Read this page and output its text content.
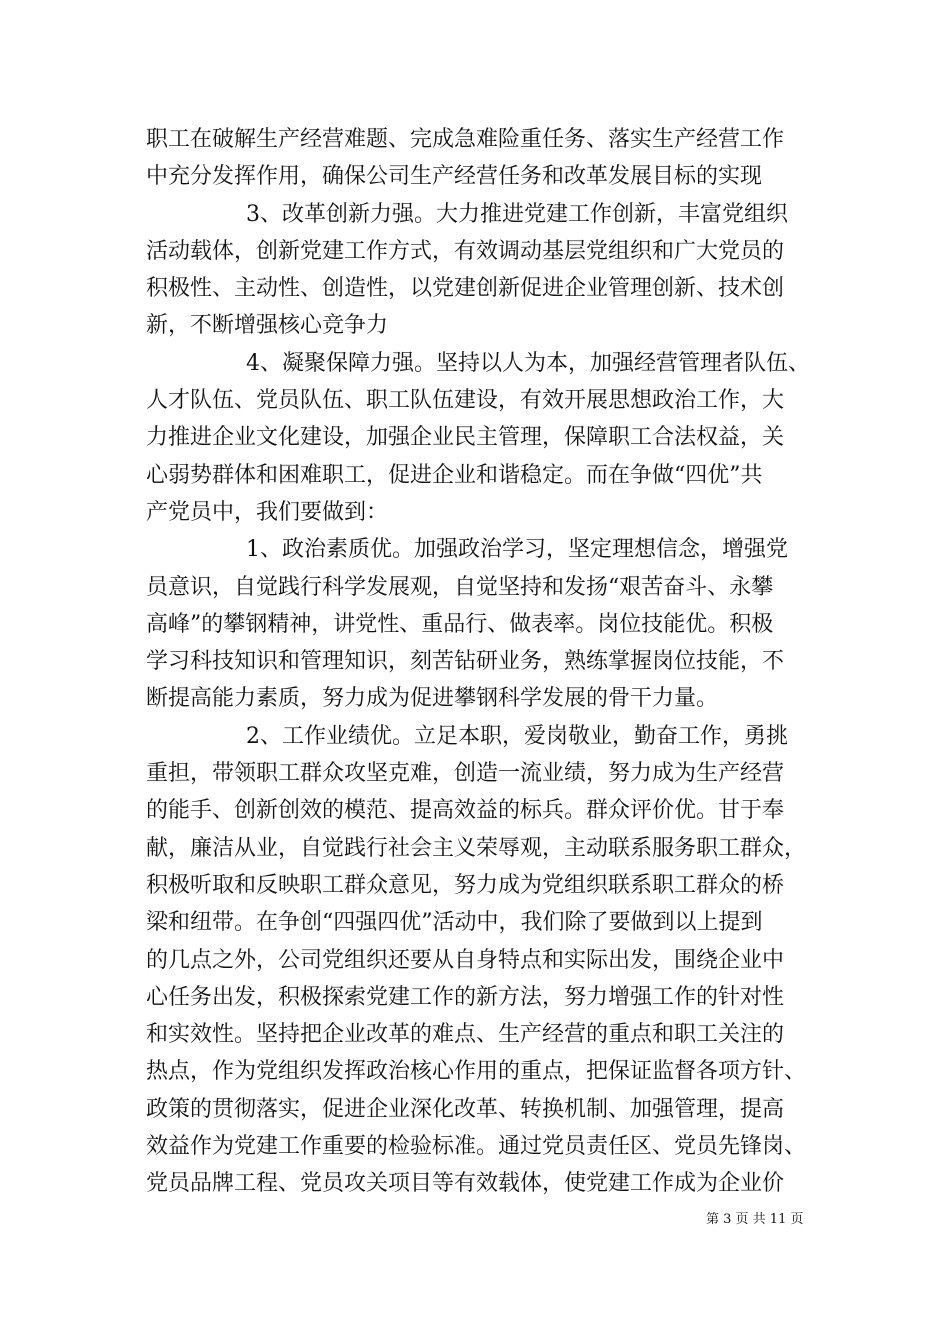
职工在破解生产经营难题、完成急难险重任务、落实生产经营工作
中充分发挥作用，确保公司生产经营任务和改革发展目标的实现
3、改革创新力强。大力推进党建工作创新，丰富党组织
活动载体，创新党建工作方式，有效调动基层党组织和广大党员的
积极性、主动性、创造性，以党建创新促进企业管理创新、技术创
新，不断增强核心竞争力
4、凝聚保障力强。坚持以人为本，加强经营管理者队伍、
人才队伍、党员队伍、职工队伍建设，有效开展思想政治工作，大
力推进企业文化建设，加强企业民主管理，保障职工合法权益，关
心弱势群体和困难职工，促进企业和谐稳定。而在争做“四优”共
产党员中，我们要做到：
1、政治素质优。加强政治学习，坚定理想信念，增强党
员意识，自觉践行科学发展观，自觉坚持和发扬“艰苦奋斗、永攀
高峰”的攀钢精神，讲党性、重品行、做表率。岗位技能优。积极
学习科技知识和管理知识，刻苦钻研业务，熟练掌握岗位技能，不
断提高能力素质，努力成为促进攀钢科学发展的骨干力量。
2、工作业绩优。立足本职，爱岗敬业，勤奋工作，勇挑
重担，带领职工群众攻坚克难，创造一流业绩，努力成为生产经营
的能手、创新创效的模范、提高效益的标兵。群众评价优。甘于奉
献，廉洁从业，自觉践行社会主义荣辱观，主动联系服务职工群众，
积极听取和反映职工群众意见，努力成为党组织联系职工群众的桥
梁和纽带。在争创“四强四优”活动中，我们除了要做到以上提到
的几点之外，公司党组织还要从自身特点和实际出发，围绕企业中
心任务出发，积极探索党建工作的新方法，努力增强工作的针对性
和实效性。坚持把企业改革的难点、生产经营的重点和职工关注的
热点，作为党组织发挥政治核心作用的重点，把保证监督各项方针、
政策的贯彻落实，促进企业深化改革、转换机制、加强管理，提高
效益作为党建工作重要的检验标准。通过党员责任区、党员先锋岗、
党员品牌工程、党员攻关项目等有效载体，使党建工作成为企业价
第 3 页 共 11 页
